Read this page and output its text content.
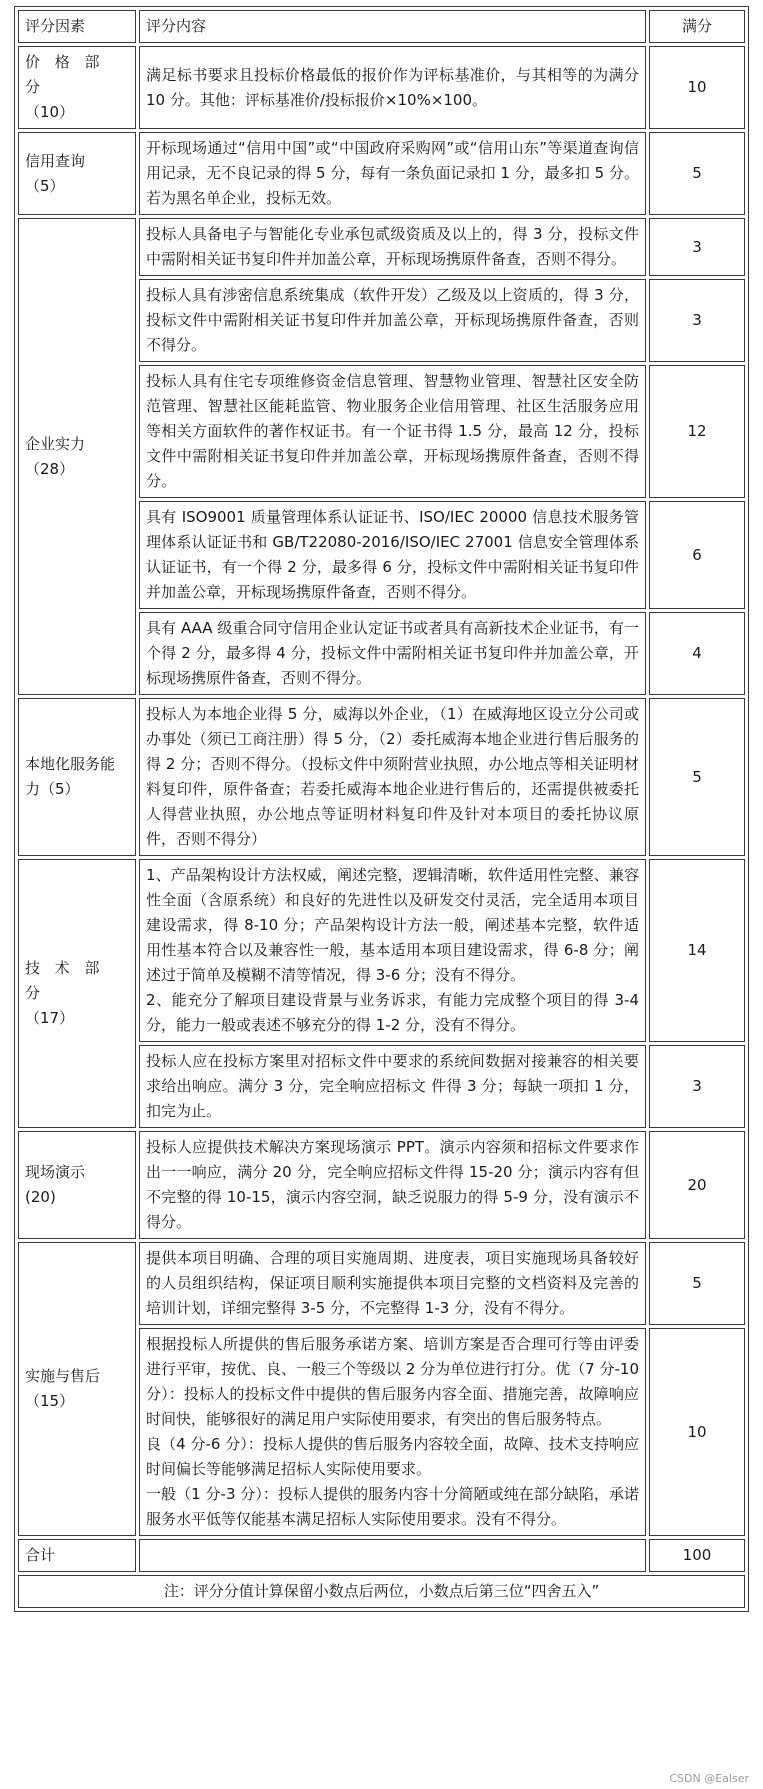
评分因素	评分内容	满分

价 格 部 分
（10）	满足标书要求且投标价格最低的报价作为评标基准价，与其相等的为满分 10 分。其他：评标基准价/投标报价×10%×100。	10

信用查询
（5）	开标现场通过“信用中国”或“中国政府采购网”或“信用山东”等渠道查询信用记录，无不良记录的得 5 分，每有一条负面记录扣 1 分，最多扣 5 分。若为黑名单企业，投标无效。	5

企业实力
（28）	投标人具备电子与智能化专业承包贰级资质及以上的，得 3 分，投标文件中需附相关证书复印件并加盖公章，开标现场携原件备查，否则不得分。	3
	投标人具有涉密信息系统集成（软件开发）乙级及以上资质的，得 3 分，投标文件中需附相关证书复印件并加盖公章，开标现场携原件备查，否则不得分。	3
	投标人具有住宅专项维修资金信息管理、智慧物业管理、智慧社区安全防范管理、智慧社区能耗监管、物业服务企业信用管理、社区生活服务应用等相关方面软件的著作权证书。有一个证书得 1.5 分，最高 12 分，投标文件中需附相关证书复印件并加盖公章，开标现场携原件备查，否则不得分。	12
	具有 ISO9001 质量管理体系认证证书、ISO/IEC 20000 信息技术服务管理体系认证证书和 GB/T22080-2016/ISO/IEC 27001 信息安全管理体系认证证书，有一个得 2 分，最多得 6 分，投标文件中需附相关证书复印件并加盖公章，开标现场携原件备查，否则不得分。	6
	具有 AAA 级重合同守信用企业认定证书或者具有高新技术企业证书，有一个得 2 分，最多得 4 分，投标文件中需附相关证书复印件并加盖公章，开标现场携原件备查，否则不得分。	4
本地化服务能力（5）	投标人为本地企业得 5 分，威海以外企业，（1）在威海地区设立分公司或办事处（须已工商注册）得 5 分，（2）委托威海本地企业进行售后服务的得 2 分；否则不得分。（投标文件中须附营业执照，办公地点等相关证明材料复印件，原件备查；若委托威海本地企业进行售后的，还需提供被委托人得营业执照，办公地点等证明材料复印件及针对本项目的委托协议原件，否则不得分）	5

技 术 部 分
（17）	1、产品架构设计方法权威，阐述完整，逻辑清晰，软件适用性完整、兼容性全面（含原系统）和良好的先进性以及研发交付灵活，完全适用本项目建设需求，得 8-10 分；产品架构设计方法一般，阐述基本完整，软件适用性基本符合以及兼容性一般，基本适用本项目建设需求，得 6-8 分；阐述过于简单及模糊不清等情况，得 3-6 分；没有不得分。
2、能充分了解项目建设背景与业务诉求，有能力完成整个项目的得 3-4 分，能力一般或表述不够充分的得 1-2 分，没有不得分。	14
	投标人应在投标方案里对招标文件中要求的系统间数据对接兼容的相关要求给出响应。满分 3 分，完全响应招标文 件得 3 分；每缺一项扣 1 分，扣完为止。	3

现场演示
(20)	投标人应提供技术解决方案现场演示 PPT。演示内容须和招标文件要求作出一一响应，满分 20 分，完全响应招标文件得 15-20 分；演示内容有但不完整的得 10-15，演示内容空洞，缺乏说服力的得 5-9 分，没有演示不得分。	20

实施与售后
（15）	提供本项目明确、合理的项目实施周期、进度表，项目实施现场具备较好的人员组织结构，保证项目顺利实施提供本项目完整的文档资料及完善的培训计划，详细完整得 3-5 分，不完整得 1-3 分，没有不得分。	5

	根据投标人所提供的售后服务承诺方案、培训方案是否合理可行等由评委进行平审，按优、良、一般三个等级以 2 分为单位进行打分。优（7 分-10 分）：投标人的投标文件中提供的售后服务内容全面、措施完善，故障响应时间快，能够很好的满足用户实际使用要求，有突出的售后服务特点。
良（4 分-6 分）：投标人提供的售后服务内容较全面，故障、技术支持响应时间偏长等能够满足招标人实际使用要求。
一般（1 分-3 分）：投标人提供的服务内容十分简陋或纯在部分缺陷，承诺服务水平低等仅能基本满足招标人实际使用要求。没有不得分。	10
合计		100
注：评分分值计算保留小数点后两位，小数点后第三位“四舍五入”		
CSDN @Ealser
